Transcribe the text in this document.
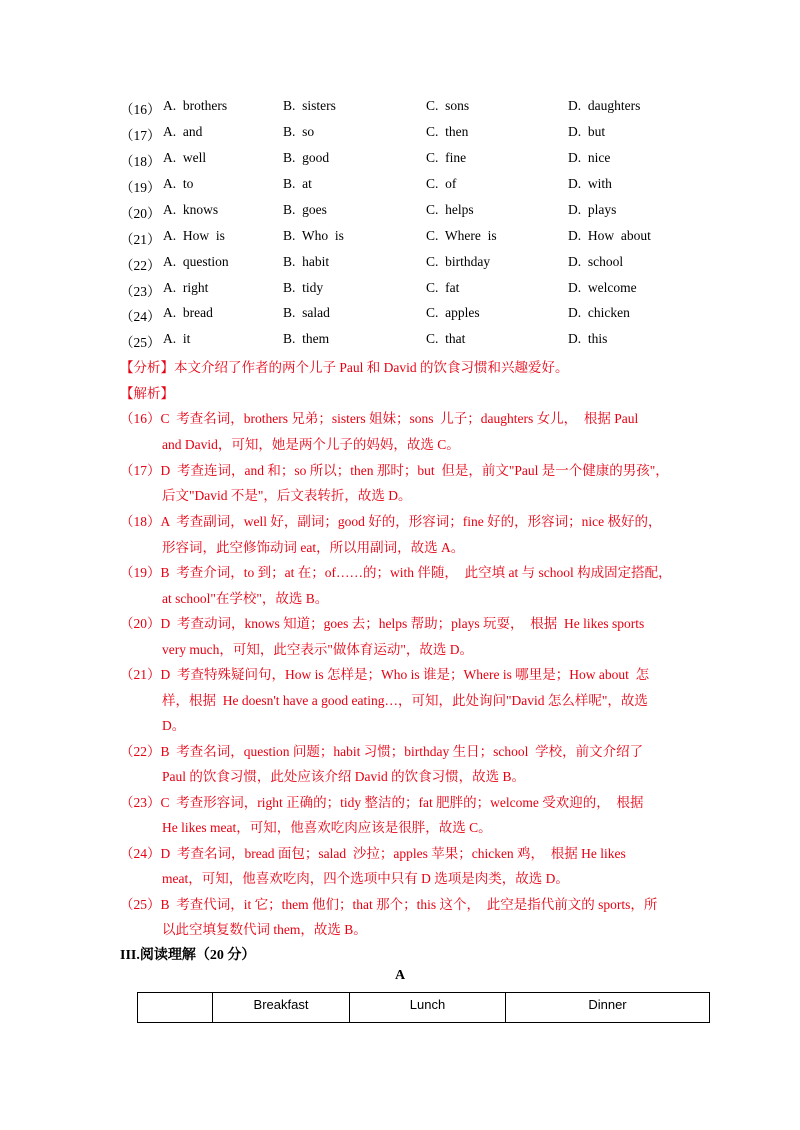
（16） A.  brothers	B.  sisters	C.  sons	D.  daughters
（17） A.  and	B.  so	C.  then	D.  but
（18） A.  well	B.  good	C.  fine	D.  nice
（19） A.  to	B.  at	C.  of	D.  with
（20） A.  knows	B.  goes	C.  helps	D.  plays
（21） A.  How  is	B.  Who  is	C.  Where  is	D.  How  about
（22） A.  question	B.  habit	C.  birthday	D.  school
（23） A.  right	B.  tidy	C.  fat	D.  welcome
（24） A.  bread	B.  salad	C.  apples	D.  chicken
（25） A.  it	B.  them	C.  that	D.  this
【分析】本文介绍了作者的两个儿子 Paul 和 David 的饮食习惯和兴趣爱好。
【解析】
（16）C  考查名词，brothers 兄弟；sisters 姐妹；sons  儿子；daughters 女儿，  根据 Paul
and David，可知，她是两个儿子的妈妈，故选 C。
（17）D  考查连词，and 和；so 所以；then 那时；but  但是，前文"Paul 是一个健康的男孩"，
后文"David 不是"，后文表转折，故选 D。
（18）A  考查副词，well 好，副词；good 好的，形容词；fine 好的，形容词；nice 极好的，
形容词，此空修饰动词 eat，所以用副词，故选 A。
（19）B  考查介词，to 到；at 在；of……的；with 伴随，  此空填 at 与 school 构成固定搭配，
at school"在学校"，故选 B。
（20）D  考查动词，knows 知道；goes 去；helps 帮助；plays 玩耍，  根据  He likes sports
very much，可知，此空表示"做体育运动"，故选 D。
（21）D  考查特殊疑问句，How is 怎样是；Who is 谁是；Where is 哪里是；How about  怎
样，根据  He doesn't have a good eating…，可知，此处询问"David 怎么样呢"，故选
D。
（22）B  考查名词，question 问题；habit 习惯；birthday 生日；school  学校，前文介绍了
Paul 的饮食习惯，此处应该介绍 David 的饮食习惯，故选 B。
（23）C  考查形容词，right 正确的；tidy 整洁的；fat 肥胖的；welcome 受欢迎的，  根据
He likes meat，可知，他喜欢吃肉应该是很胖，故选 C。
（24）D  考查名词，bread 面包；salad  沙拉；apples 苹果；chicken 鸡，  根据 He likes
meat，可知，他喜欢吃肉，四个选项中只有 D 选项是肉类，故选 D。
（25）B  考查代词，it 它；them 他们；that 那个；this 这个，  此空是指代前文的 sports，所
以此空填复数代词 them，故选 B。
III.阅读理解（20 分）
A
	Breakfast	Lunch	Dinner
